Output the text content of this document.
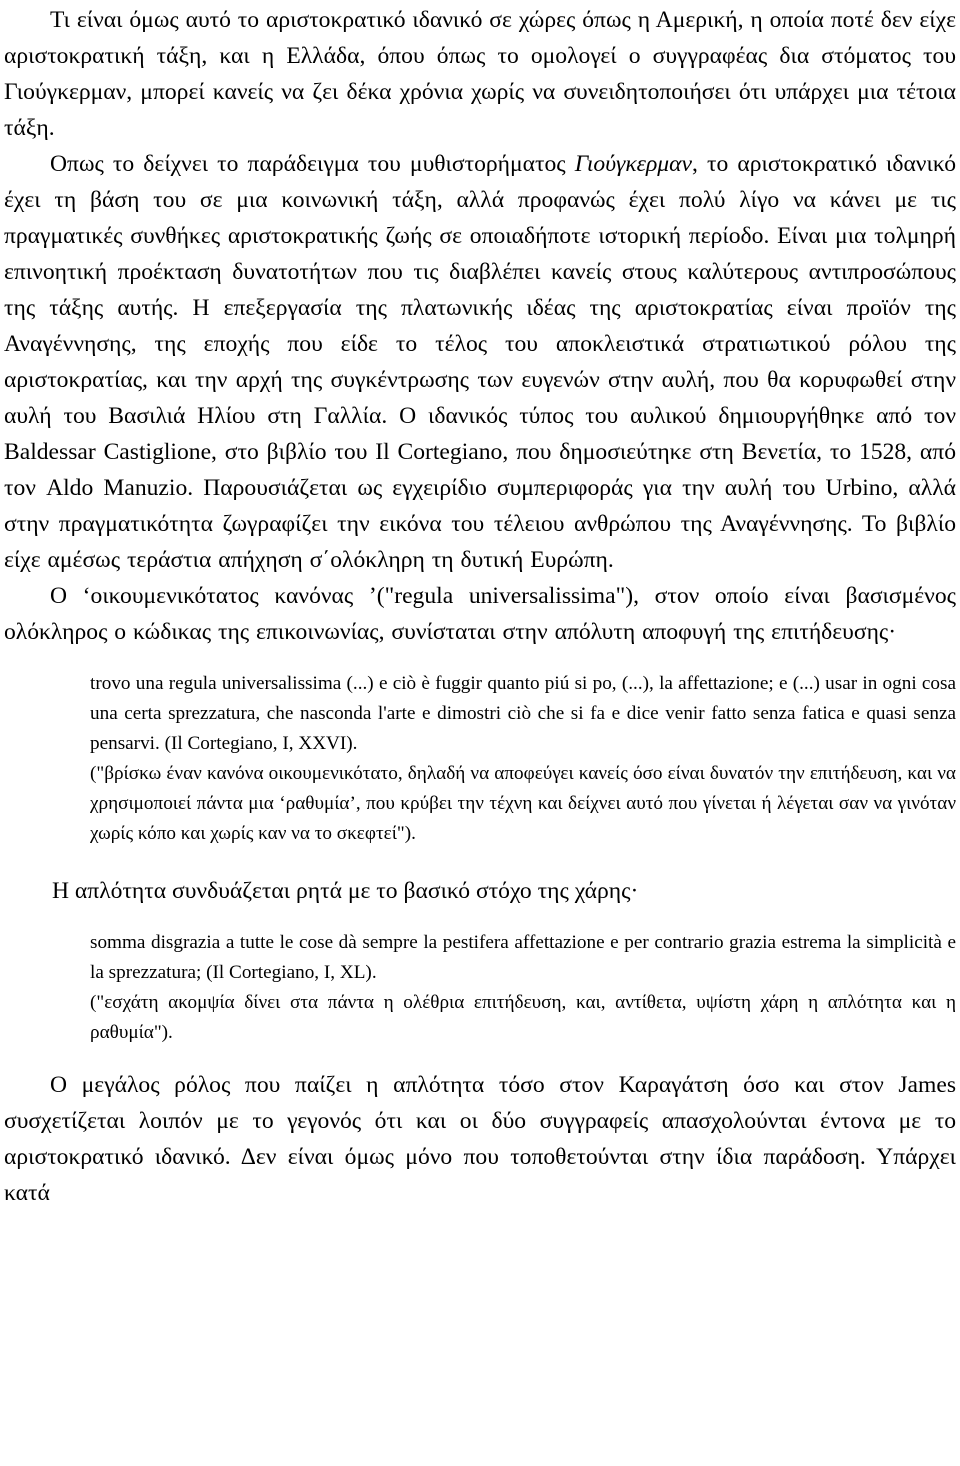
Τι είναι όμως αυτό το αριστοκρατικό ιδανικό σε χώρες όπως η Αμερική, η οποία ποτέ δεν είχε αριστοκρατική τάξη, και η Ελλάδα, όπου όπως το ομολογεί ο συγγραφέας δια στόματος του Γιούγκερμαν, μπορεί κανείς να ζει δέκα χρόνια χωρίς να συνειδητοποιήσει ότι υπάρχει μια τέτοια τάξη.

Οπως το δείχνει το παράδειγμα του μυθιστορήματος Γιούγκερμαν, το αριστοκρατικό ιδανικό έχει τη βάση του σε μια κοινωνική τάξη, αλλά προφανώς έχει πολύ λίγο να κάνει με τις πραγματικές συνθήκες αριστοκρατικής ζωής σε οποιαδήποτε ιστορική περίοδο. Είναι μια τολμηρή επινοητική προέκταση δυνατοτήτων που τις διαβλέπει κανείς στους καλύτερους αντιπροσώπους της τάξης αυτής. Η επεξεργασία της πλατωνικής ιδέας της αριστοκρατίας είναι προϊόν της Αναγέννησης, της εποχής που είδε το τέλος του αποκλειστικά στρατιωτικού ρόλου της αριστοκρατίας, και την αρχή της συγκέντρωσης των ευγενών στην αυλή, που θα κορυφωθεί στην αυλή του Βασιλιά Ηλίου στη Γαλλία. Ο ιδανικός τύπος του αυλικού δημιουργήθηκε από τον Baldessar Castiglione, στο βιβλίο του Il Cortegiano, που δημοσιεύτηκε στη Βενετία, το 1528, από τον Aldo Manuzio. Παρουσιάζεται ως εγχειρίδιο συμπεριφοράς για την αυλή του Urbino, αλλά στην πραγματικότητα ζωγραφίζει την εικόνα του τέλειου ανθρώπου της Αναγέννησης. Το βιβλίο είχε αμέσως τεράστια απήχηση σ΄ολόκληρη τη δυτική Ευρώπη.

Ο ‘οικουμενικότατος κανόνας ’("regula universalissima"), στον οποίο είναι βασισμένος ολόκληρος ο κώδικας της επικοινωνίας, συνίσταται στην απόλυτη αποφυγή της επιτήδευσης·

trovo una regula universalissima (...) e ciò è fuggir quanto piú si po, (...), la affettazione; e (...) usar in ogni cosa una certa sprezzatura, che nasconda l'arte e dimostri ciò che si fa e dice venir fatto senza fatica e quasi senza pensarvi. (Il Cortegiano, I, XXVI).
("βρίσκω έναν κανόνα οικουμενικότατο, δηλαδή να αποφεύγει κανείς όσο είναι δυνατόν την επιτήδευση, και να χρησιμοποιεί πάντα μια ‘ραθυμία’, που κρύβει την τέχνη και δείχνει αυτό που γίνεται ή λέγεται σαν να γινόταν χωρίς κόπο και χωρίς καν να το σκεφτεί").

Η απλότητα συνδυάζεται ρητά με το βασικό στόχο της χάρης·

somma disgrazia a tutte le cose dà sempre la pestifera affettazione e per contrario grazia estrema la simplicità e la sprezzatura; (Il Cortegiano, I, XL).
("εσχάτη ακομψία δίνει στα πάντα η ολέθρια επιτήδευση, και, αντίθετα, υψίστη χάρη η απλότητα και η ραθυμία").

Ο μεγάλος ρόλος που παίζει η απλότητα τόσο στον Καραγάτση όσο και στον James συσχετίζεται λοιπόν με το γεγονός ότι και οι δύο συγγραφείς απασχολούνται έντονα με το αριστοκρατικό ιδανικό. Δεν είναι όμως μόνο που τοποθετούνται στην ίδια παράδοση. Υπάρχει κατά
